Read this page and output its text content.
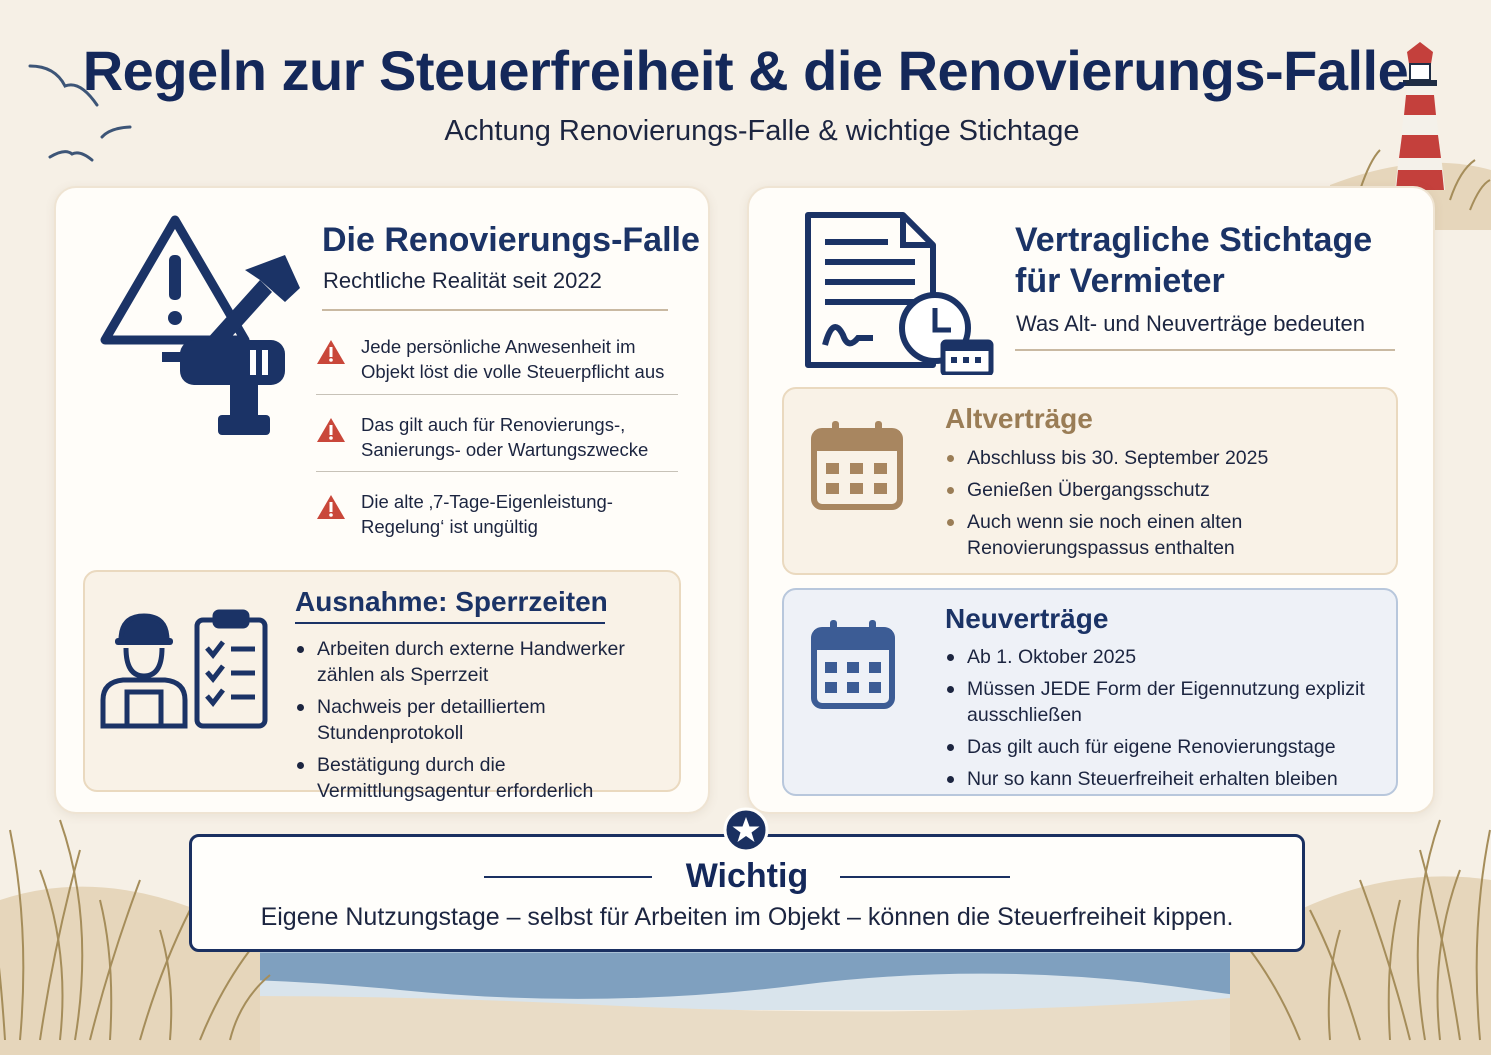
Regeln zur Steuerfreiheit & die Renovierungs-Falle
Achtung Renovierungs-Falle & wichtige Stichtage
Die Renovierungs-Falle
Rechtliche Realität seit 2022
Jede persönliche Anwesenheit im Objekt löst die volle Steuerpflicht aus
Das gilt auch für Renovierungs-, Sanierungs- oder Wartungszwecke
Die alte ‚7-Tage-Eigenleistung-Regelung‘ ist ungültig
Ausnahme: Sperrzeiten
Arbeiten durch externe Handwerker zählen als Sperrzeit
Nachweis per detailliertem Stundenprotokoll
Bestätigung durch die Vermittlungsagentur erforderlich
Vertragliche Stichtage
für Vermieter
Was Alt- und Neuverträge bedeuten
Altverträge
Abschluss bis 30. September 2025
Genießen Übergangsschutz
Auch wenn sie noch einen alten Renovierungspassus enthalten
Neuverträge
Ab 1. Oktober 2025
Müssen JEDE Form der Eigennutzung explizit ausschließen
Das gilt auch für eigene Renovierungstage
Nur so kann Steuerfreiheit erhalten bleiben
Wichtig
Eigene Nutzungstage – selbst für Arbeiten im Objekt – können die Steuerfreiheit kippen.
